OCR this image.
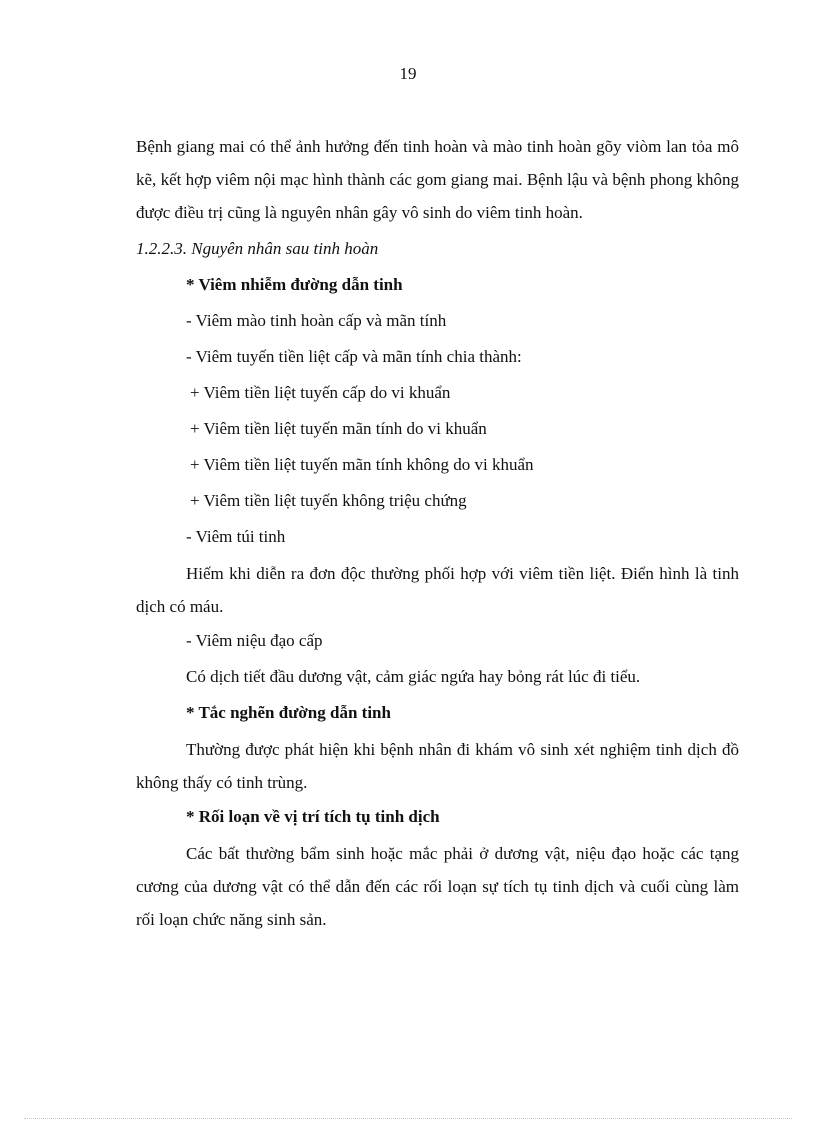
19

Bệnh giang mai có thể ảnh hưởng đến tinh hoàn và mào tinh hoàn gõy viòm lan tỏa mô kẽ, kết hợp viêm nội mạc hình thành các gom giang mai. Bệnh lậu và bệnh phong không được điều trị cũng là nguyên nhân gây vô sinh do viêm tinh hoàn.

1.2.2.3. Nguyên nhân sau tinh hoàn

* Viêm nhiễm đường dẫn tinh

- Viêm mào tinh hoàn cấp và mãn tính

- Viêm tuyến tiền liệt cấp và mãn tính chia thành:

+ Viêm tiền liệt tuyến cấp do vi khuẩn

+ Viêm tiền liệt tuyến mãn tính do vi khuẩn

+ Viêm tiền liệt tuyến mãn tính không do vi khuẩn

+ Viêm tiền liệt tuyến không triệu chứng

- Viêm túi tinh

Hiếm khi diễn ra đơn độc thường phối hợp với viêm tiền liệt. Điển hình là tinh dịch có máu.

- Viêm niệu đạo cấp

Có dịch tiết đầu dương vật, cảm giác ngứa hay bỏng rát lúc đi tiểu.

* Tắc nghẽn đường dẫn tinh

Thường được phát hiện khi bệnh nhân đi khám vô sinh xét nghiệm tinh dịch đồ không thấy có tinh trùng.

* Rối loạn về vị trí tích tụ tinh dịch

Các bất thường bẩm sinh hoặc mắc phải ở dương vật, niệu đạo hoặc các tạng cương của dương vật có thể dẫn đến các rối loạn sự tích tụ tinh dịch và cuối cùng làm rối loạn chức năng sinh sản.
